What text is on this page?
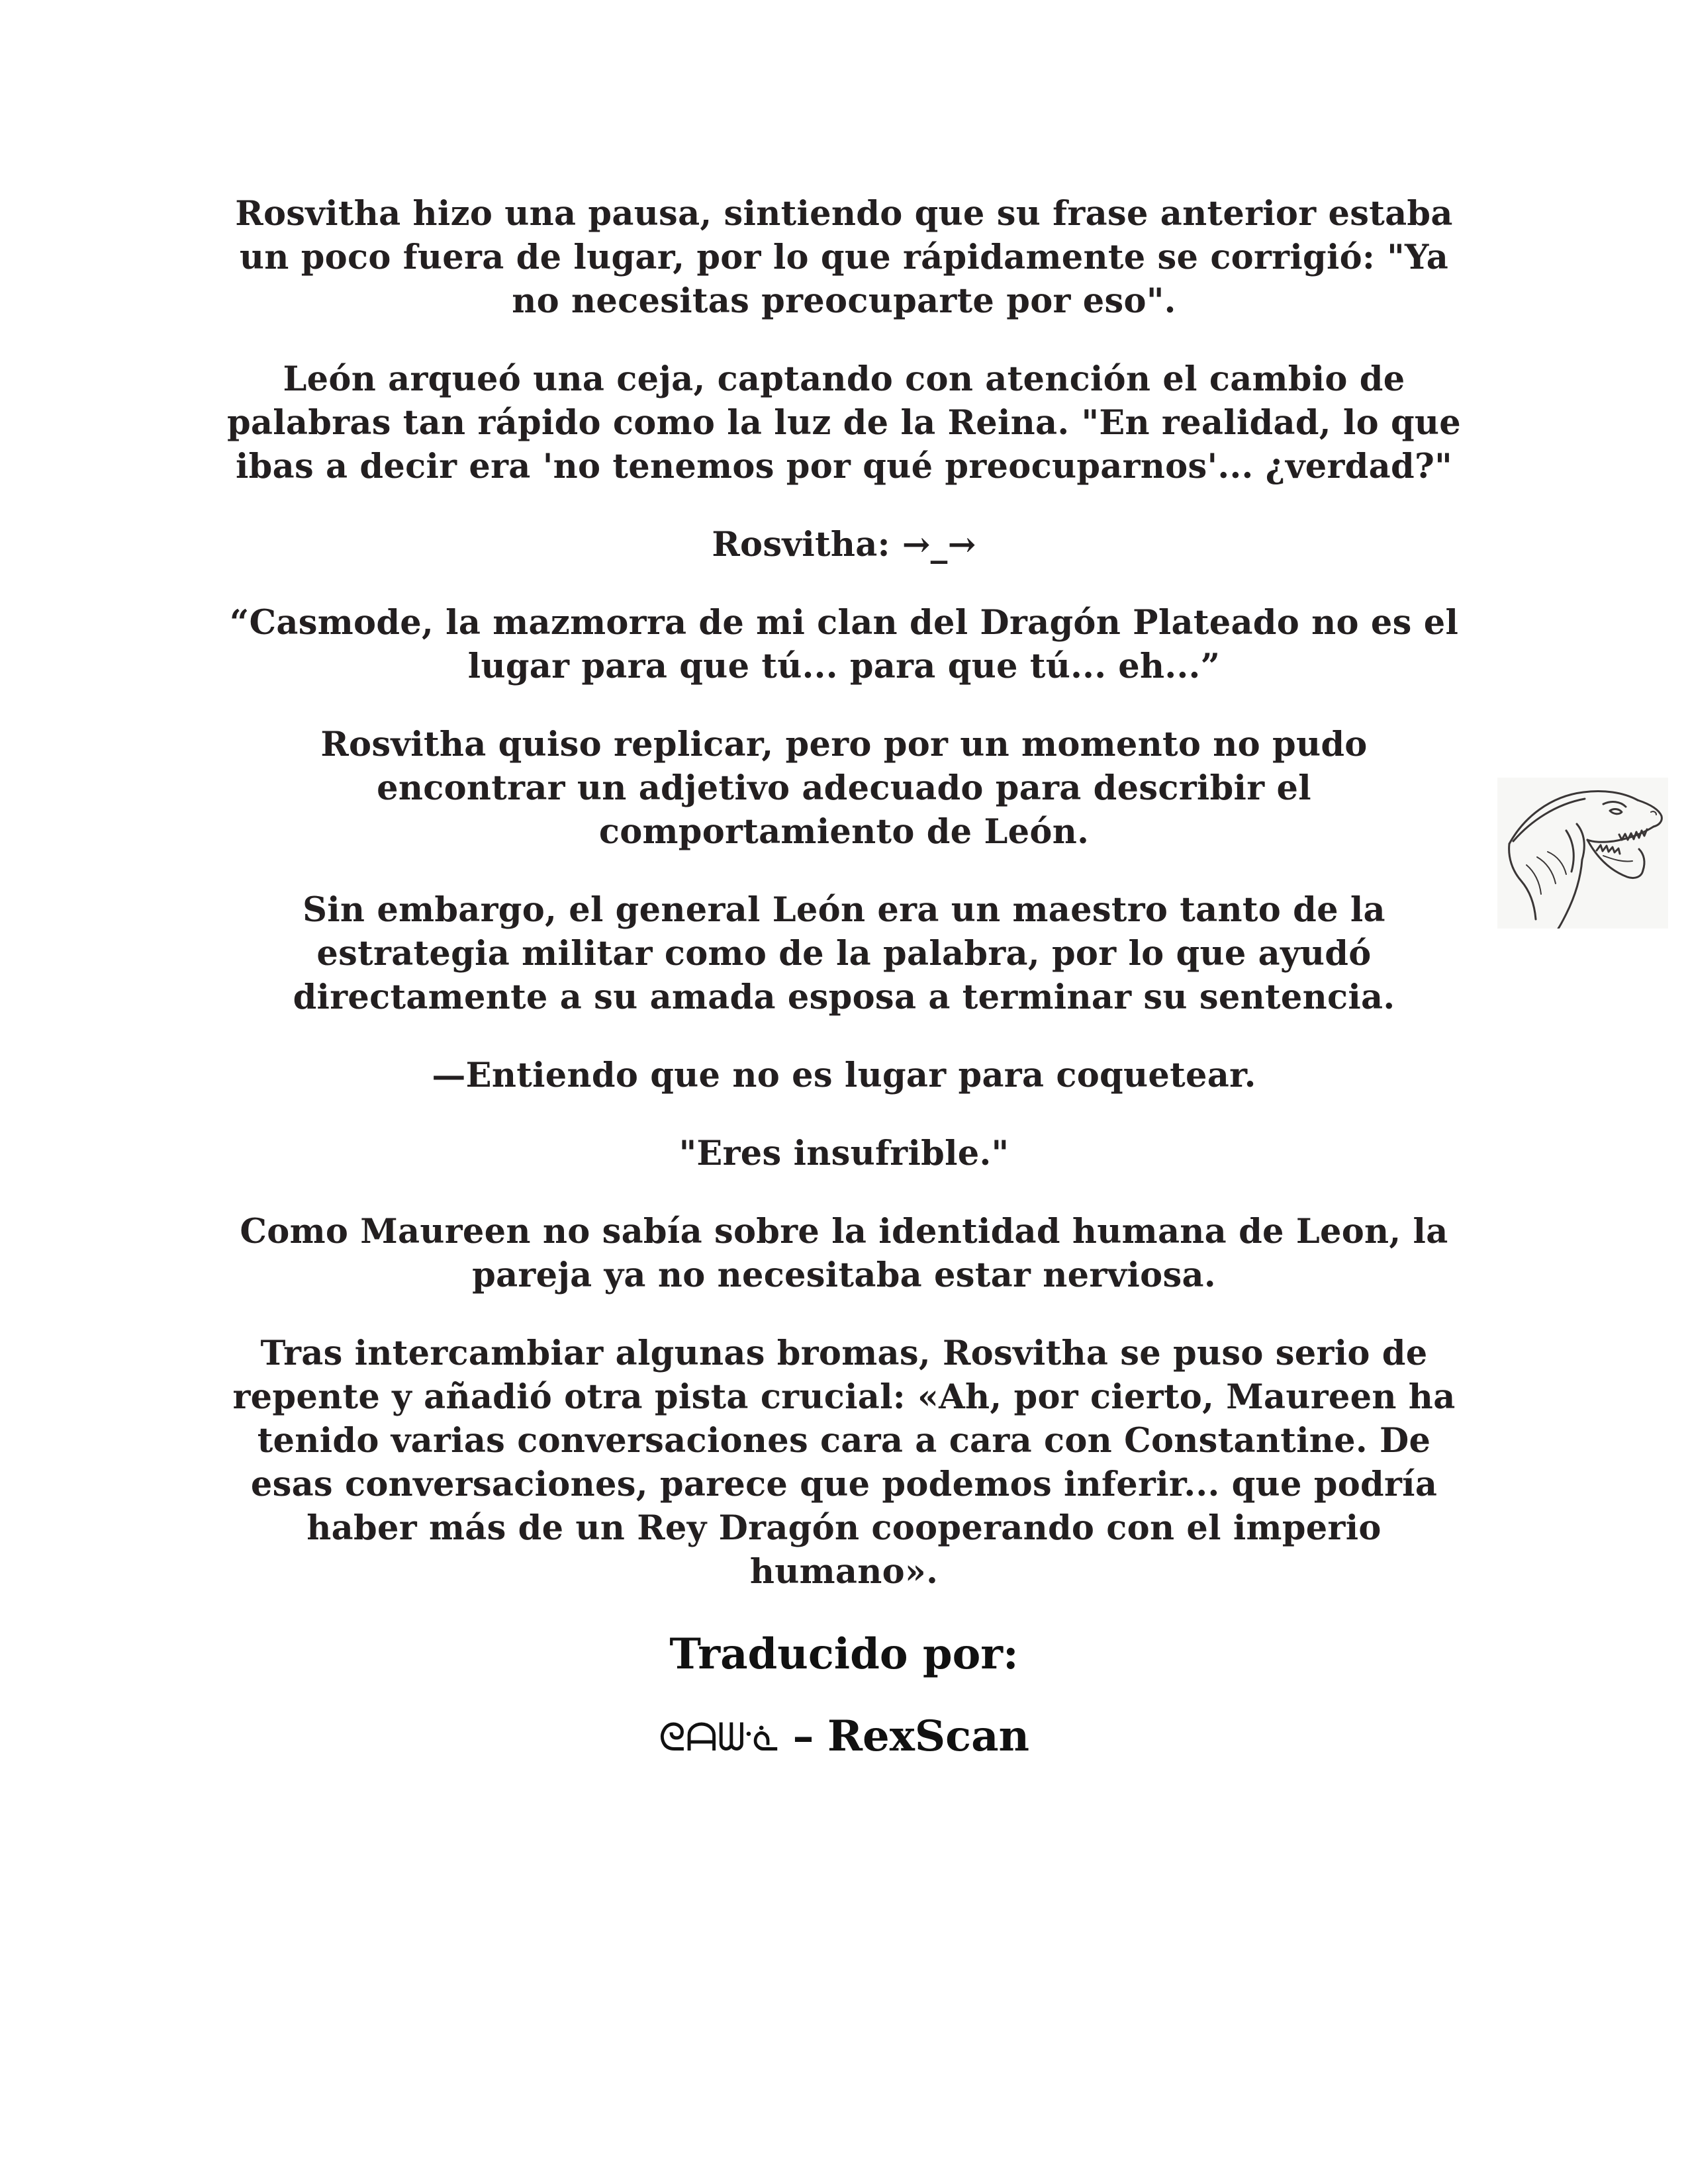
Rosvitha hizo una pausa, sintiendo que su frase anterior estaba un poco fuera de lugar, por lo que rápidamente se corrigió: "Ya no necesitas preocuparte por eso".

León arqueó una ceja, captando con atención el cambio de palabras tan rápido como la luz de la Reina. "En realidad, lo que ibas a decir era 'no tenemos por qué preocuparnos'... ¿verdad?"

Rosvitha: →_→

“Casmode, la mazmorra de mi clan del Dragón Plateado no es el lugar para que tú... para que tú... eh...”

Rosvitha quiso replicar, pero por un momento no pudo encontrar un adjetivo adecuado para describir el comportamiento de León.

Sin embargo, el general León era un maestro tanto de la estrategia militar como de la palabra, por lo que ayudó directamente a su amada esposa a terminar su sentencia.

—Entiendo que no es lugar para coquetear.

"Eres insufrible."

Como Maureen no sabía sobre la identidad humana de Leon, la pareja ya no necesitaba estar nerviosa.

Tras intercambiar algunas bromas, Rosvitha se puso serio de repente y añadió otra pista crucial: «Ah, por cierto, Maureen ha tenido varias conversaciones cara a cara con Constantine. De esas conversaciones, parece que podemos inferir... que podría haber más de un Rey Dragón cooperando con el imperio humano».

Traducido por:

ᘓᗩᗯᓍ – RexScan
